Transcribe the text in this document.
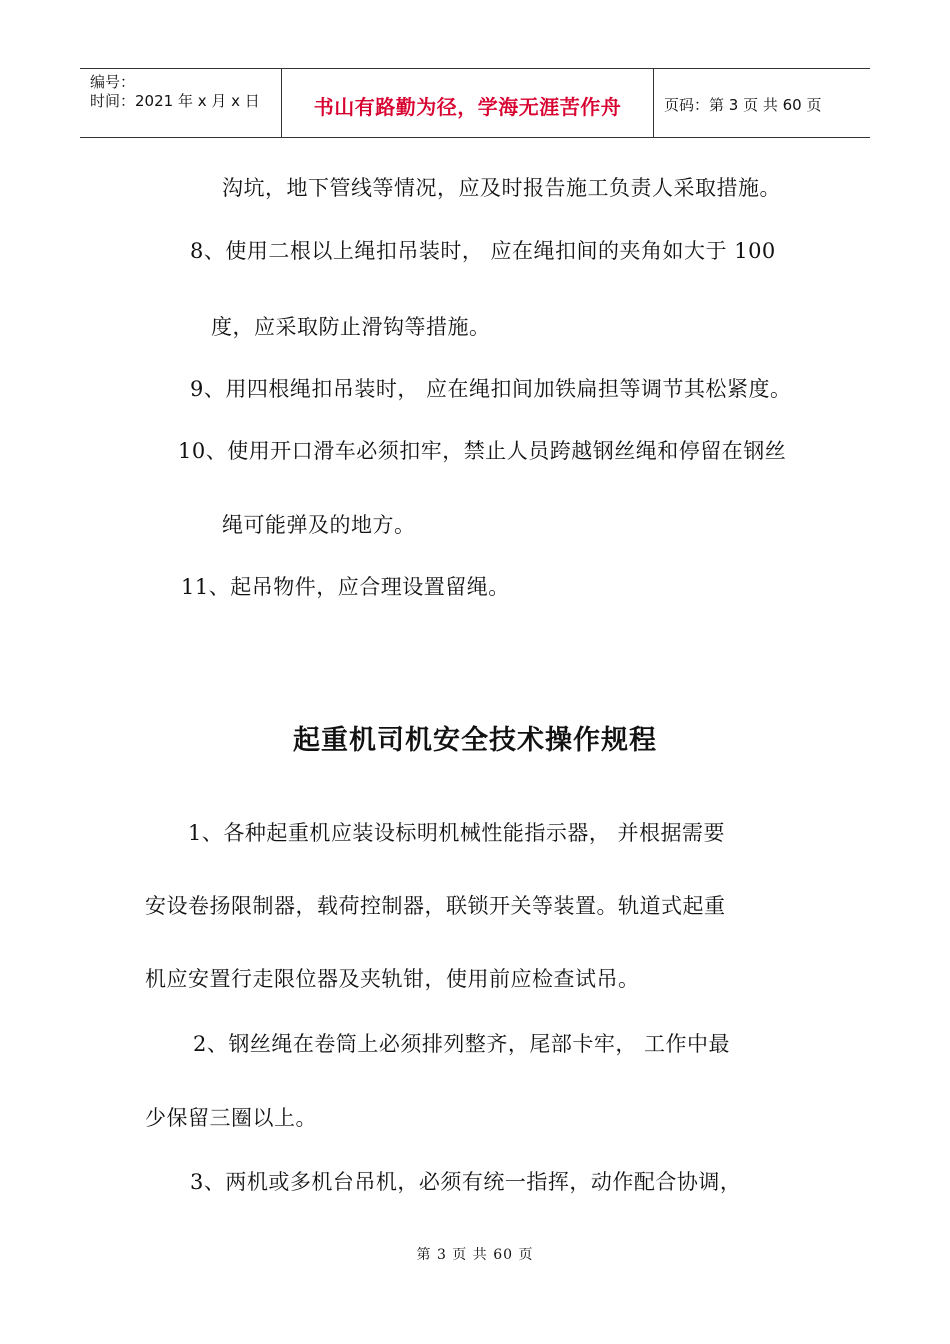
编号：
时间：2021 年 x 月 x 日	书山有路勤为径，学海无涯苦作舟	页码：第 3 页 共 60 页
沟坑，地下管线等情况，应及时报告施工负责人采取措施。
8、使用二根以上绳扣吊装时， 应在绳扣间的夹角如大于 100
度，应采取防止滑钩等措施。
9、用四根绳扣吊装时， 应在绳扣间加铁扁担等调节其松紧度。
10、使用开口滑车必须扣牢，禁止人员跨越钢丝绳和停留在钢丝
绳可能弹及的地方。
11、起吊物件，应合理设置留绳。
起重机司机安全技术操作规程
1、各种起重机应装设标明机械性能指示器， 并根据需要
安设卷扬限制器，载荷控制器，联锁开关等装置。轨道式起重
机应安置行走限位器及夹轨钳，使用前应检查试吊。
2、钢丝绳在卷筒上必须排列整齐，尾部卡牢， 工作中最
少保留三圈以上。
3、两机或多机台吊机，必须有统一指挥，动作配合协调，
第 3 页 共 60 页
